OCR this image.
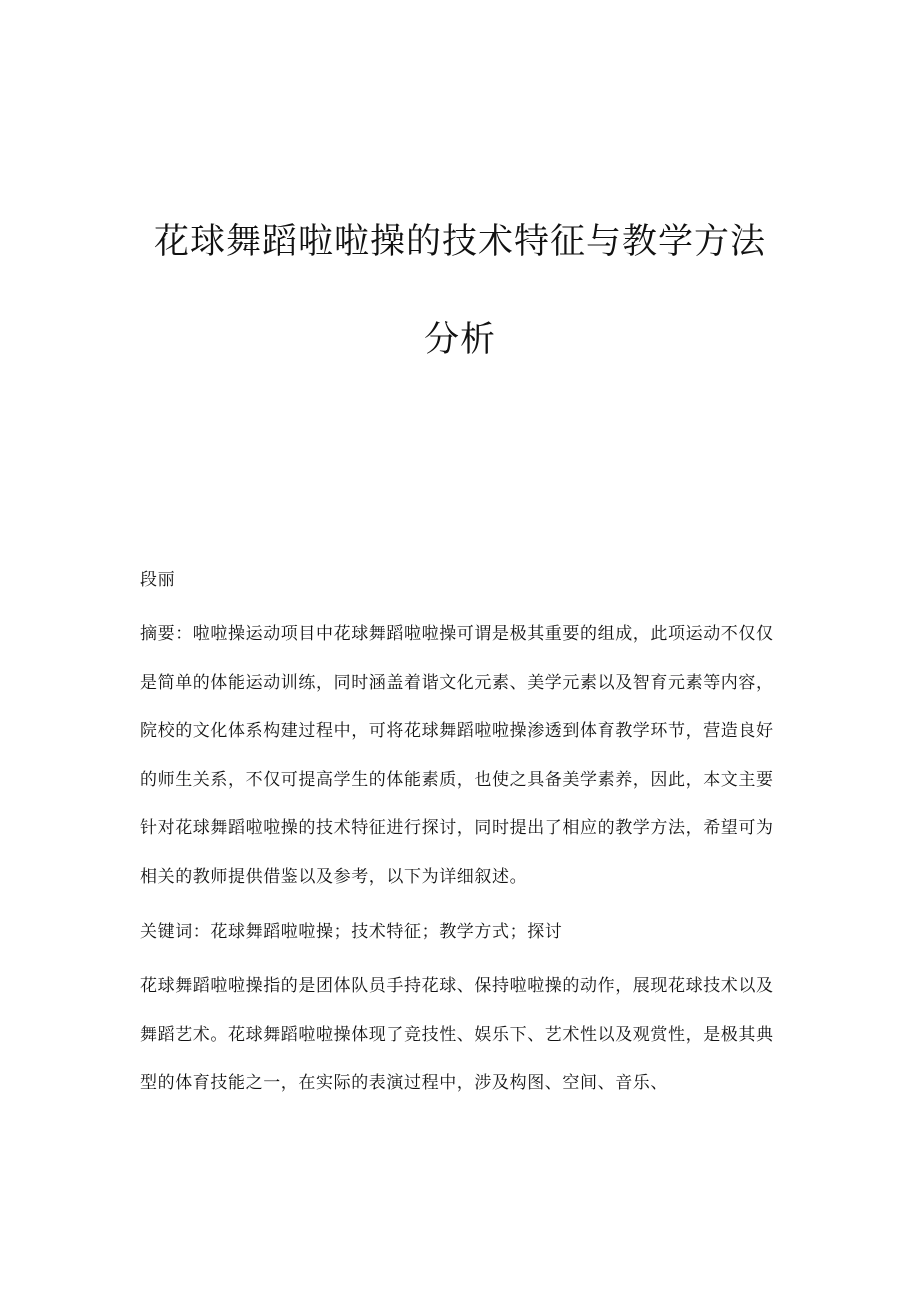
花球舞蹈啦啦操的技术特征与教学方法
分析

段丽

摘要：啦啦操运动项目中花球舞蹈啦啦操可谓是极其重要的组成，此项运动不仅仅是简单的体能运动训练，同时涵盖着谐文化元素、美学元素以及智育元素等内容，院校的文化体系构建过程中，可将花球舞蹈啦啦操渗透到体育教学环节，营造良好的师生关系，不仅可提高学生的体能素质，也使之具备美学素养，因此，本文主要针对花球舞蹈啦啦操的技术特征进行探讨，同时提出了相应的教学方法，希望可为相关的教师提供借鉴以及参考，以下为详细叙述。

关键词：花球舞蹈啦啦操；技术特征；教学方式；探讨

花球舞蹈啦啦操指的是团体队员手持花球、保持啦啦操的动作，展现花球技术以及舞蹈艺术。花球舞蹈啦啦操体现了竞技性、娱乐下、艺术性以及观赏性，是极其典型的体育技能之一，在实际的表演过程中，涉及构图、空间、音乐、
